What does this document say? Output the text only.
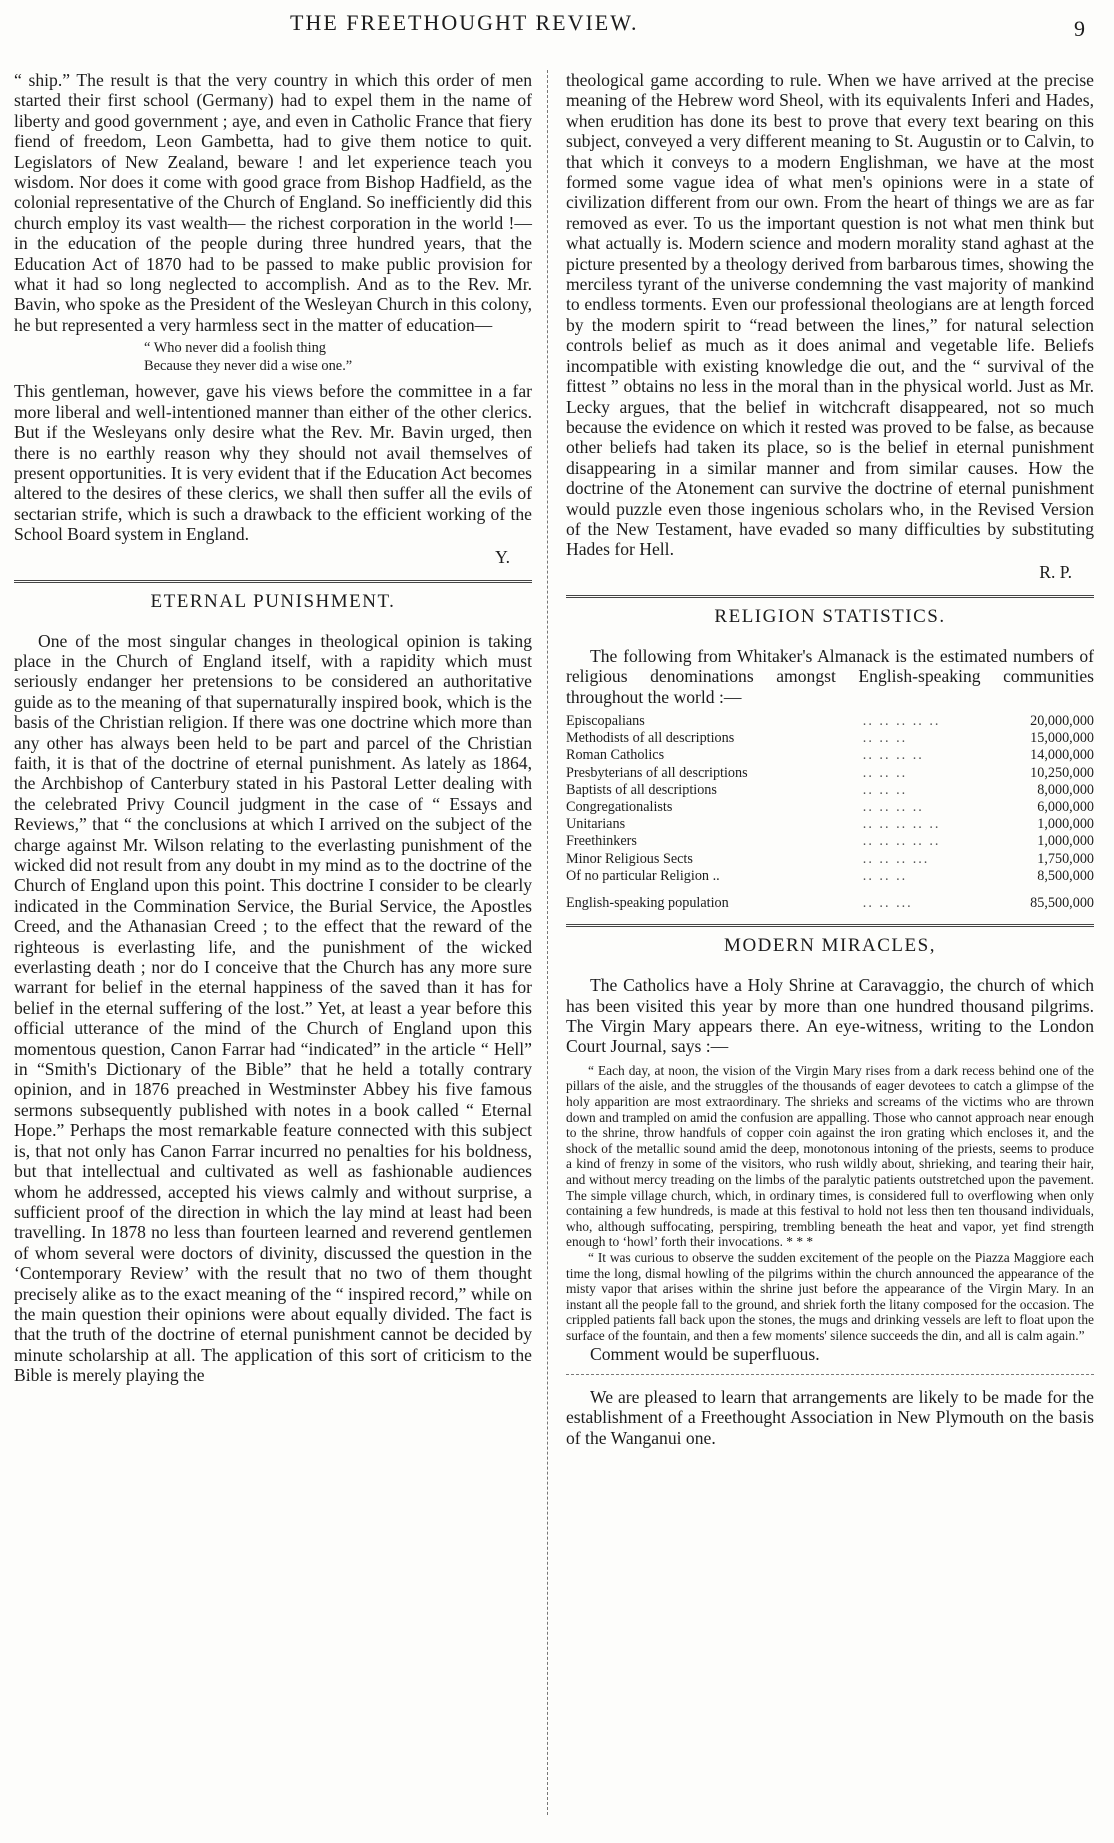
THE FREETHOUGHT REVIEW.	9

“ ship.” The result is that the very country in which this order of men started their first school (Germany) had to expel them in the name of liberty and good government ; aye, and even in Catholic France that fiery fiend of freedom, Leon Gambetta, had to give them notice to quit. Legislators of New Zealand, beware ! and let experience teach you wisdom. Nor does it come with good grace from Bishop Hadfield, as the colonial representative of the Church of England. So inefficiently did this church employ its vast wealth— the richest corporation in the world !—in the education of the people during three hundred years, that the Education Act of 1870 had to be passed to make public provision for what it had so long neglected to accomplish. And as to the Rev. Mr. Bavin, who spoke as the President of the Wesleyan Church in this colony, he but represented a very harmless sect in the matter of education—

“ Who never did a foolish thing
Because they never did a wise one.”

This gentleman, however, gave his views before the committee in a far more liberal and well-intentioned manner than either of the other clerics. But if the Wesleyans only desire what the Rev. Mr. Bavin urged, then there is no earthly reason why they should not avail themselves of present opportunities. It is very evident that if the Education Act becomes altered to the desires of these clerics, we shall then suffer all the evils of sectarian strife, which is such a drawback to the efficient working of the School Board system in England.

Y.
ETERNAL PUNISHMENT.

One of the most singular changes in theological opinion is taking place in the Church of England itself, with a rapidity which must seriously endanger her pretensions to be considered an authoritative guide as to the meaning of that supernaturally inspired book, which is the basis of the Christian religion. If there was one doctrine which more than any other has always been held to be part and parcel of the Christian faith, it is that of the doctrine of eternal punishment. As lately as 1864, the Archbishop of Canterbury stated in his Pastoral Letter dealing with the celebrated Privy Council judgment in the case of “ Essays and Reviews,” that “ the conclusions at which I arrived on the subject of the charge against Mr. Wilson relating to the everlasting punishment of the wicked did not result from any doubt in my mind as to the doctrine of the Church of England upon this point. This doctrine I consider to be clearly indicated in the Commination Service, the Burial Service, the Apostles Creed, and the Athanasian Creed ; to the effect that the reward of the righteous is everlasting life, and the punishment of the wicked everlasting death ; nor do I conceive that the Church has any more sure warrant for belief in the eternal happiness of the saved than it has for belief in the eternal suffering of the lost.” Yet, at least a year before this official utterance of the mind of the Church of England upon this momentous question, Canon Farrar had “indicated” in the article “ Hell” in “Smith's Dictionary of the Bible” that he held a totally contrary opinion, and in 1876 preached in Westminster Abbey his five famous sermons subsequently published with notes in a book called “ Eternal Hope.” Perhaps the most remarkable feature connected with this subject is, that not only has Canon Farrar incurred no penalties for his boldness, but that intellectual and cultivated as well as fashionable audiences whom he addressed, accepted his views calmly and without surprise, a sufficient proof of the direction in which the lay mind at least had been travelling. In 1878 no less than fourteen learned and reverend gentlemen of whom several were doctors of divinity, discussed the question in the ‘Contemporary Review’ with the result that no two of them thought precisely alike as to the exact meaning of the “ inspired record,” while on the main question their opinions were about equally divided. The fact is that the truth of the doctrine of eternal punishment cannot be decided by minute scholarship at all. The application of this sort of criticism to the Bible is merely playing the

theological game according to rule. When we have arrived at the precise meaning of the Hebrew word Sheol, with its equivalents Inferi and Hades, when erudition has done its best to prove that every text bearing on this subject, conveyed a very different meaning to St. Augustin or to Calvin, to that which it conveys to a modern Englishman, we have at the most formed some vague idea of what men's opinions were in a state of civilization different from our own. From the heart of things we are as far removed as ever. To us the important question is not what men think but what actually is. Modern science and modern morality stand aghast at the picture presented by a theology derived from barbarous times, showing the merciless tyrant of the universe condemning the vast majority of mankind to endless torments. Even our professional theologians are at length forced by the modern spirit to “read between the lines,” for natural selection controls belief as much as it does animal and vegetable life. Beliefs incompatible with existing knowledge die out, and the “ survival of the fittest ” obtains no less in the moral than in the physical world. Just as Mr. Lecky argues, that the belief in witchcraft disappeared, not so much because the evidence on which it rested was proved to be false, as because other beliefs had taken its place, so is the belief in eternal punishment disappearing in a similar manner and from similar causes. How the doctrine of the Atonement can survive the doctrine of eternal punishment would puzzle even those ingenious scholars who, in the Revised Version of the New Testament, have evaded so many difficulties by substituting Hades for Hell.

R. P.
RELIGION STATISTICS.

The following from Whitaker's Almanack is the estimated numbers of religious denominations amongst English-speaking communities throughout the world :—

Episcopalians	.. .. .. .. ..	20,000,000
Methodists of all descriptions	.. .. ..	15,000,000
Roman Catholics	.. .. .. ..	14,000,000
Presbyterians of all descriptions	.. .. ..	10,250,000
Baptists of all descriptions	.. .. ..	8,000,000
Congregationalists	.. .. .. ..	6,000,000
Unitarians	.. .. .. .. ..	1,000,000
Freethinkers	.. .. .. .. ..	1,000,000
Minor Religious Sects	.. .. .. ...	1,750,000
Of no particular Religion ..	.. .. ..	8,500,000
English-speaking population	.. .. ...	85,500,000
MODERN MIRACLES,

The Catholics have a Holy Shrine at Caravaggio, the church of which has been visited this year by more than one hundred thousand pilgrims. The Virgin Mary appears there. An eye-witness, writing to the London Court Journal, says :—

“ Each day, at noon, the vision of the Virgin Mary rises from a dark recess behind one of the pillars of the aisle, and the struggles of the thousands of eager devotees to catch a glimpse of the holy apparition are most extraordinary. The shrieks and screams of the victims who are thrown down and trampled on amid the confusion are appalling. Those who cannot approach near enough to the shrine, throw handfuls of copper coin against the iron grating which encloses it, and the shock of the metallic sound amid the deep, monotonous intoning of the priests, seems to produce a kind of frenzy in some of the visitors, who rush wildly about, shrieking, and tearing their hair, and without mercy treading on the limbs of the paralytic patients outstretched upon the pavement. The simple village church, which, in ordinary times, is considered full to overflowing when only containing a few hundreds, is made at this festival to hold not less then ten thousand individuals, who, although suffocating, perspiring, trembling beneath the heat and vapor, yet find strength enough to ‘howl’ forth their invocations. * * *

“ It was curious to observe the sudden excitement of the people on the Piazza Maggiore each time the long, dismal howling of the pilgrims within the church announced the appearance of the misty vapor that arises within the shrine just before the appearance of the Virgin Mary. In an instant all the people fall to the ground, and shriek forth the litany composed for the occasion. The crippled patients fall back upon the stones, the mugs and drinking vessels are left to float upon the surface of the fountain, and then a few moments' silence succeeds the din, and all is calm again.”

Comment would be superfluous.

We are pleased to learn that arrangements are likely to be made for the establishment of a Freethought Association in New Plymouth on the basis of the Wanganui one.
